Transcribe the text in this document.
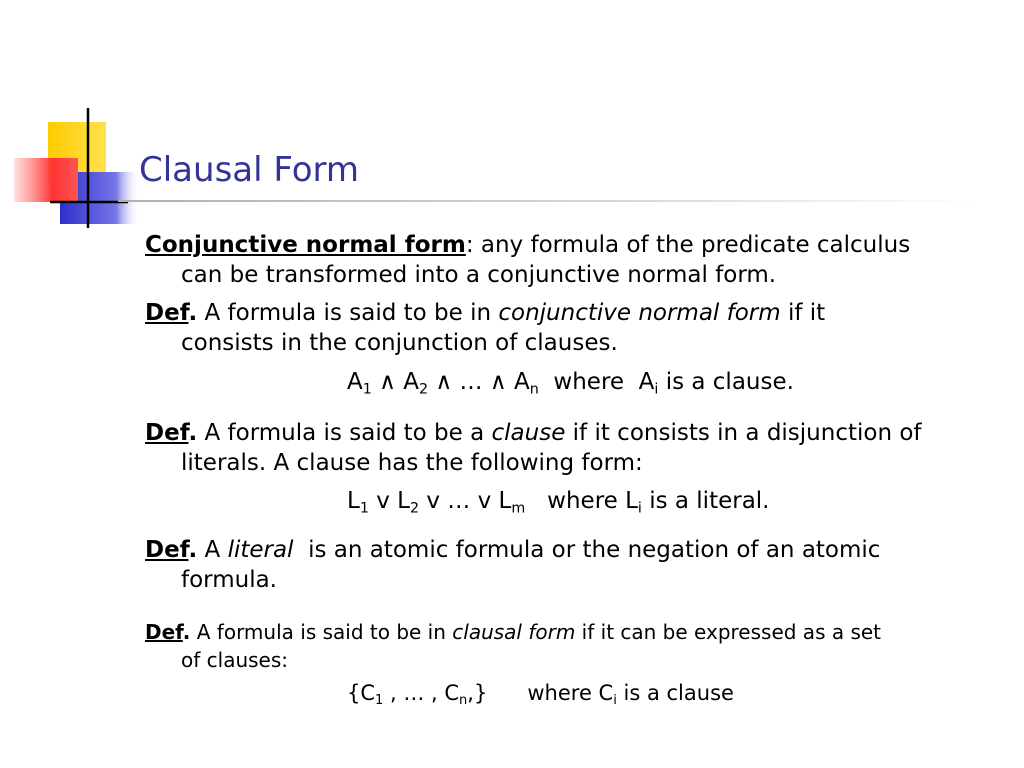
Clausal Form
Conjunctive normal form: any formula of the predicate calculus
can be transformed into a conjunctive normal form.
Def. A formula is said to be in conjunctive normal form if it
consists in the conjunction of clauses.
$A_1$ ∧ $A_2$ ∧ … ∧ $A_n$  where  $A_i$ is a clause.
Def. A formula is said to be a clause if it consists in a disjunction of
literals. A clause has the following form:
$L_1$ v $L_2$ v … v $L_m$   where $L_i$ is a literal.
Def. A literal  is an atomic formula or the negation of an atomic
formula.
Def. A formula is said to be in clausal form if it can be expressed as a set
of clauses:
{$C_1$ , … , $C_n$,}      where $C_i$ is a clause
